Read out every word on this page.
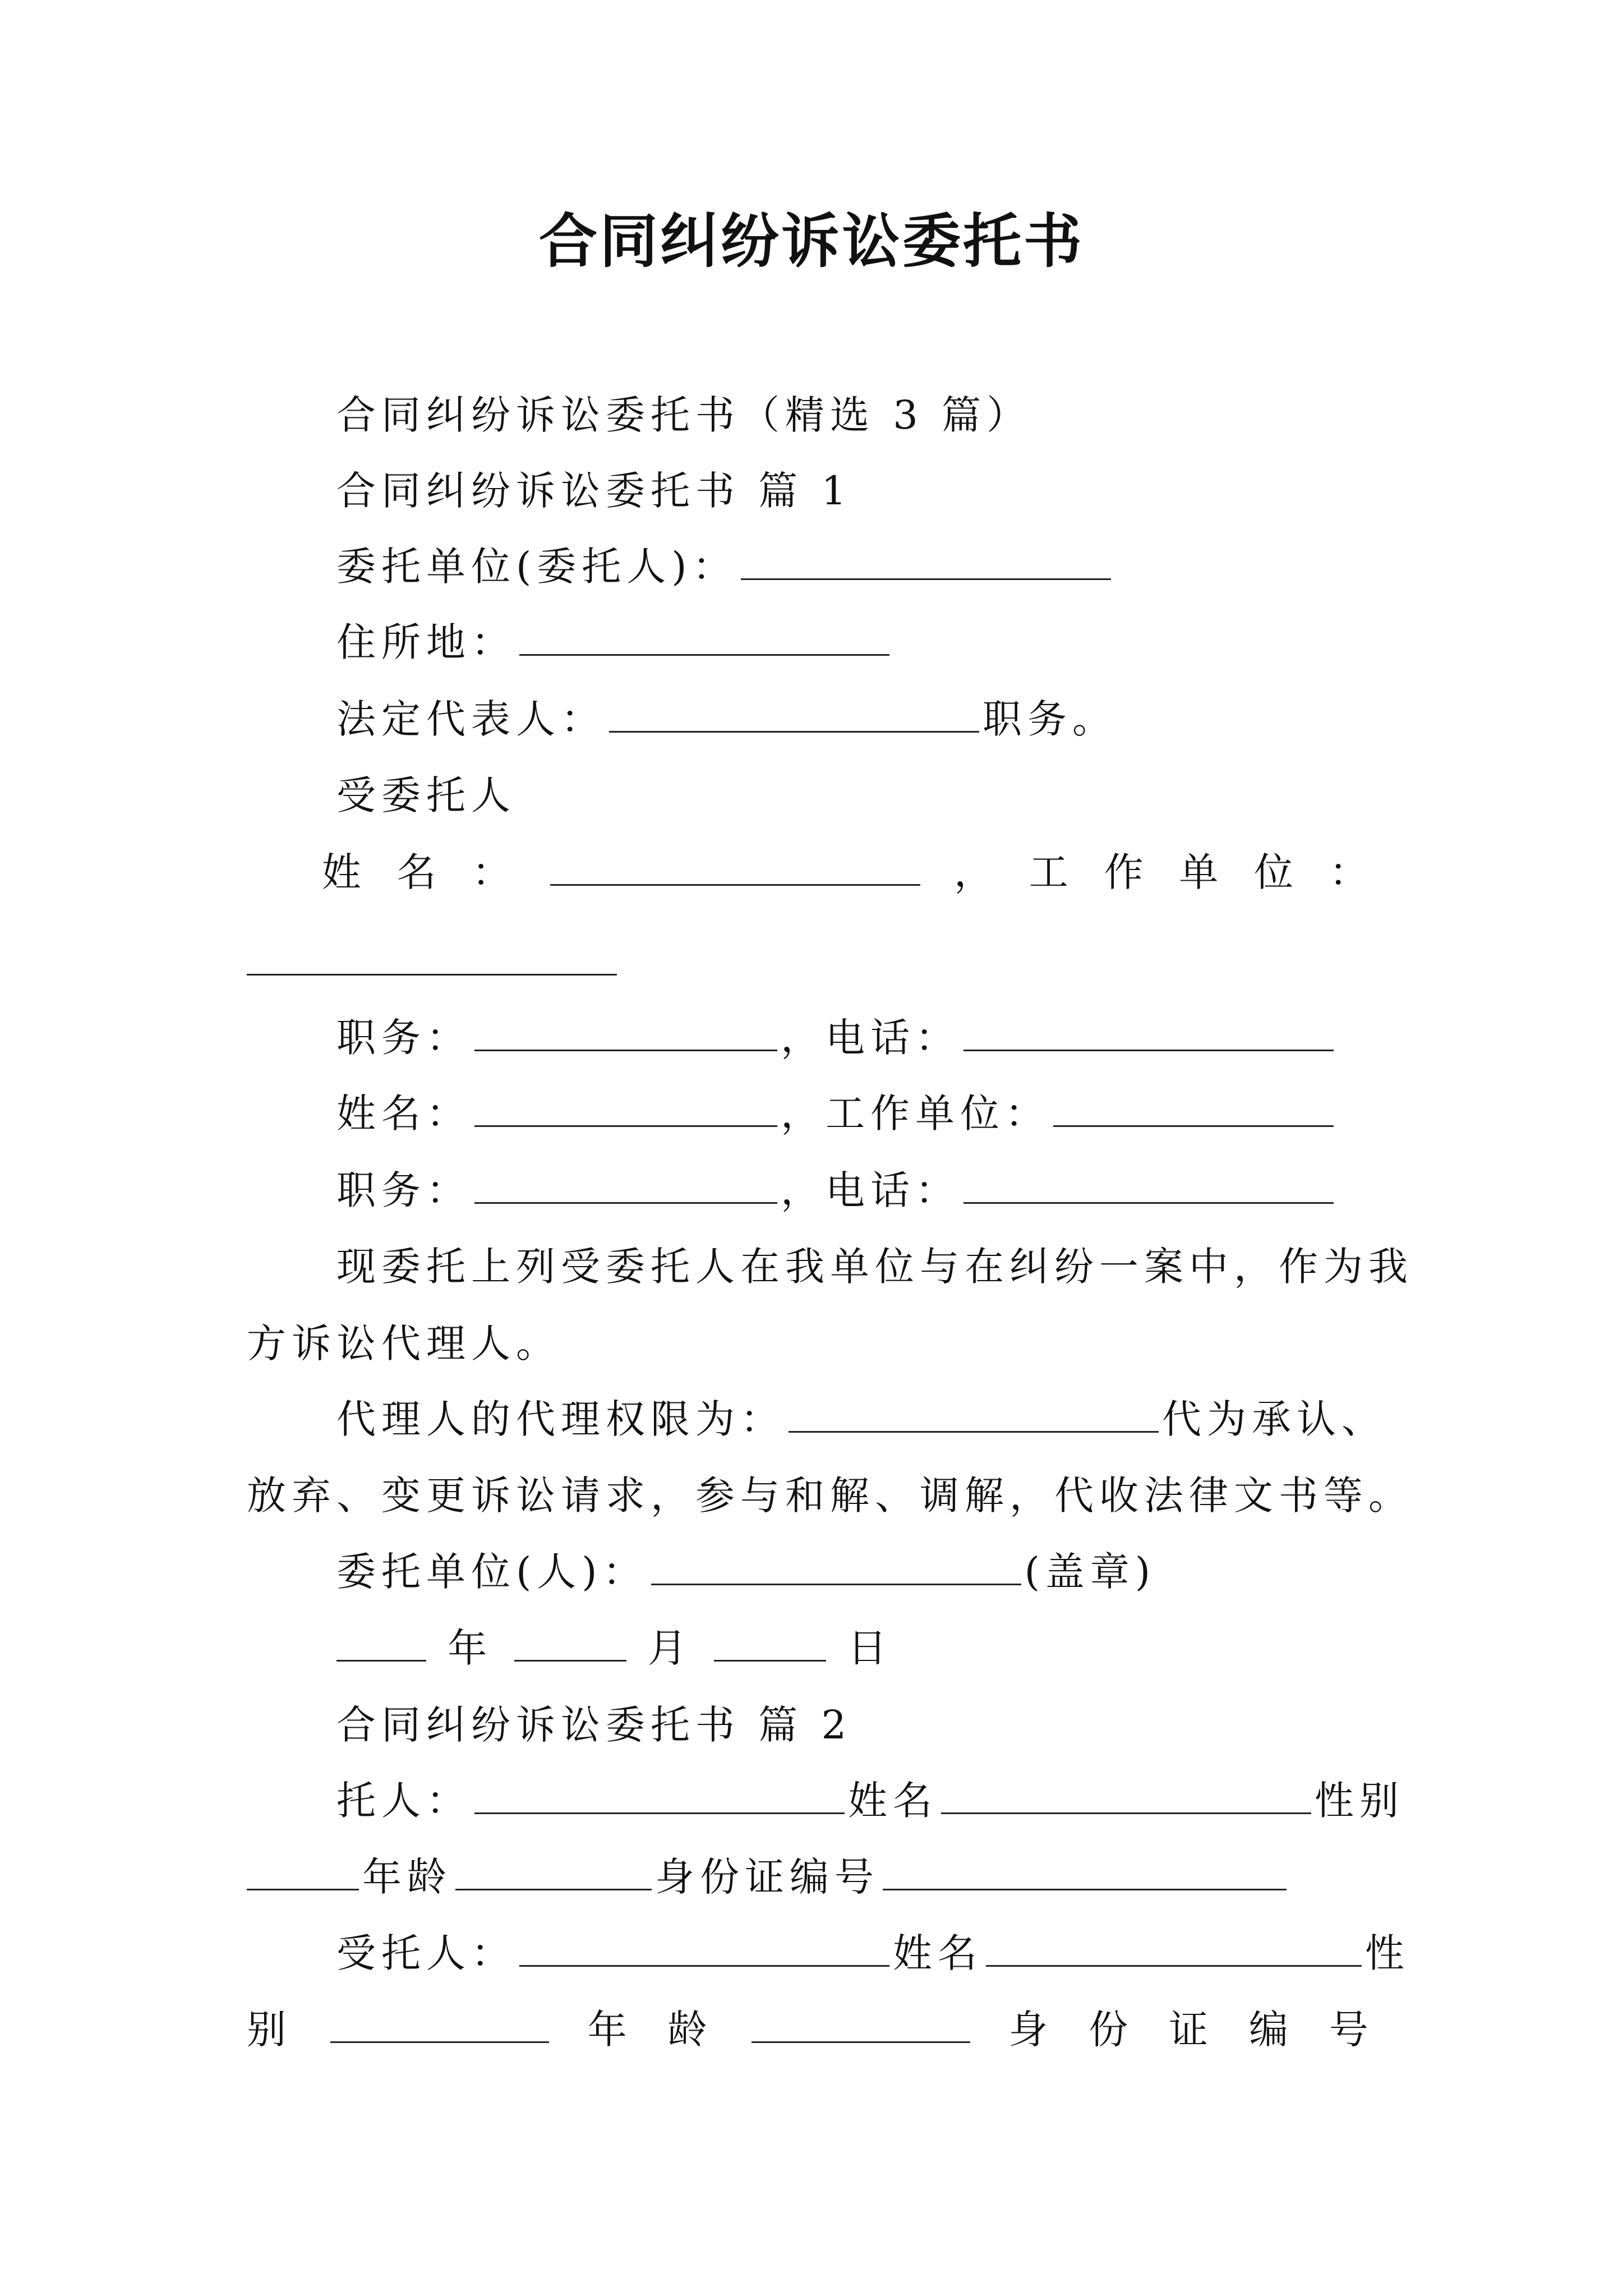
合同纠纷诉讼委托书
合同纠纷诉讼委托书（精选 3 篇）
合同纠纷诉讼委托书 篇 1
委托单位(委托人)：
住所地：
法定代表人：	职务。
受委托人
姓 名 ：	， 工 作 单 位 ：
职务：	，电话：
姓名：	，工作单位：
职务：	，电话：
现委托上列受委托人在我单位与在纠纷一案中，作为我
方诉讼代理人。
代理人的代理权限为：	代为承认、
放弃、变更诉讼请求，参与和解、调解，代收法律文书等。
委托单位(人)：	(盖章)
年	月	日
合同纠纷诉讼委托书 篇 2
托人：	姓名	性别
年龄	身份证编号
受托人：	姓名	性
别	年 龄	身 份 证 编 号
